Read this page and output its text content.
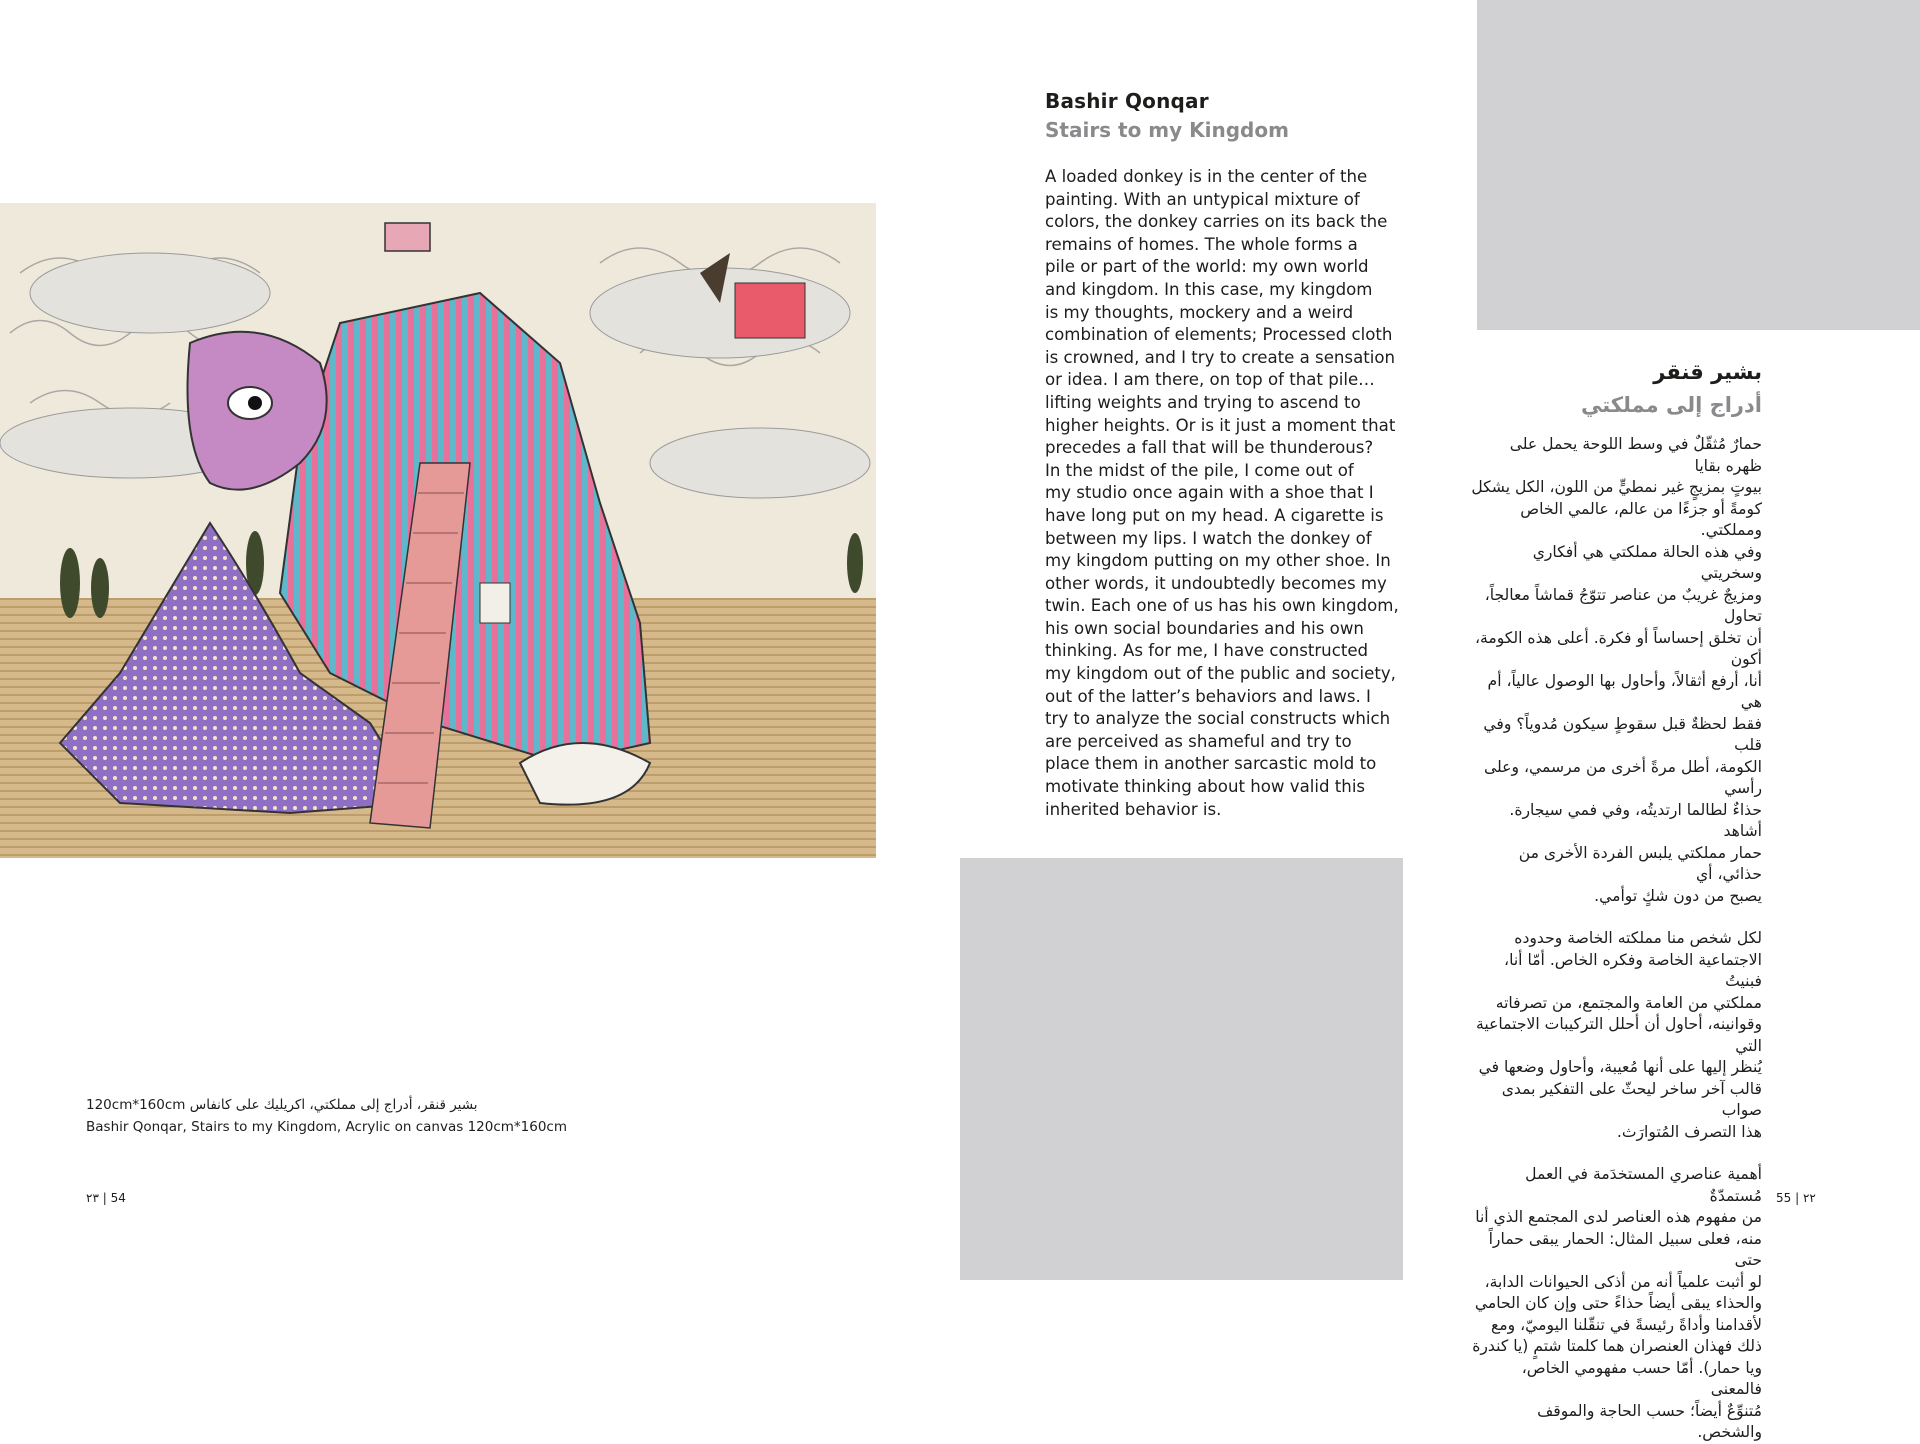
بشير قنقر، أدراج إلى مملكتي، اكريليك على كانفاس 120cm*160cm
Bashir Qonqar, Stairs to my Kingdom, Acrylic on canvas 120cm*160cm
٢٣ | 54	55 | ٢٢
Bashir Qonqar
Stairs to my Kingdom
A loaded donkey is in the center of the
painting. With an untypical mixture of
colors, the donkey carries on its back the
remains of homes. The whole forms a
pile or part of the world: my own world
and kingdom. In this case, my kingdom
is my thoughts, mockery and a weird
combination of elements; Processed cloth
is crowned, and I try to create a sensation
or idea. I am there, on top of that pile…
lifting weights and trying to ascend to
higher heights. Or is it just a moment that
precedes a fall that will be thunderous?
In the midst of the pile, I come out of
my studio once again with a shoe that I
have long put on my head. A cigarette is
between my lips. I watch the donkey of
my kingdom putting on my other shoe. In
other words, it undoubtedly becomes my
twin. Each one of us has his own kingdom,
his own social boundaries and his own
thinking. As for me, I have constructed
my kingdom out of the public and society,
out of the latter’s behaviors and laws. I
try to analyze the social constructs which
are perceived as shameful and try to
place them in another sarcastic mold to
motivate thinking about how valid this
inherited behavior is.
بشير قنقر
أدراج إلى مملكتي

حمارٌ مُثقّلٌ في وسط اللوحة يحمل على ظهره بقايا
بيوتٍ بمزيجٍ غير نمطيٍّ من اللون، الكل يشكل
كومةً أو جزءًا من عالم، عالمي الخاص ومملكتي.
وفي هذه الحالة مملكتي هي أفكاري وسخريتي
ومزيجٌ غريبٌ من عناصر تتوّجُ قماشاً معالجاً، تحاول
أن تخلق إحساساً أو فكرة. أعلى هذه الكومة، أكون
أنا، أرفع أثقالاً، وأحاول بها الوصول عالياً، أم هي
فقط لحظةٌ قبل سقوطٍ سيكون مُدوياً؟ وفي قلب
الكومة، أطل مرةً أخرى من مرسمي، وعلى رأسي
حذاءٌ لطالما ارتديتُه، وفي فمي سيجارة. أشاهد
حمار مملكتي يلبس الفردة الأخرى من حذائي، أي
يصبح من دون شكٍ توأمي.

لكل شخص منا مملكته الخاصة وحدوده
الاجتماعية الخاصة وفكره الخاص. أمّا أنا، فبنيتُ
مملكتي من العامة والمجتمع، من تصرفاته
وقوانينه، أحاول أن أحلل التركيبات الاجتماعية التي
يُنظر إليها على أنها مُعيبة، وأحاول وضعها في
قالب آخر ساخر ليحثّ على التفكير بمدى صواب
هذا التصرف المُتوارَث.

أهمية عناصري المستخدَمة في العمل مُستمدّةٌ
من مفهوم هذه العناصر لدى المجتمع الذي أنا
منه، فعلى سبيل المثال: الحمار يبقى حماراً حتى
لو أثبت علمياً أنه من أذكى الحيوانات الدابة،
والحذاء يبقى أيضاً حذاءً حتى وإن كان الحامي
لأقدامنا وأداةً رئيسةً في تنقّلنا اليوميّ، ومع
ذلك فهذان العنصران هما كلمتا شتمٍ (يا كندرة
ويا حمار). أمّا حسب مفهومي الخاص، فالمعنى
مُتنوِّعٌ أيضاً؛ حسب الحاجة والموقف والشخص.
